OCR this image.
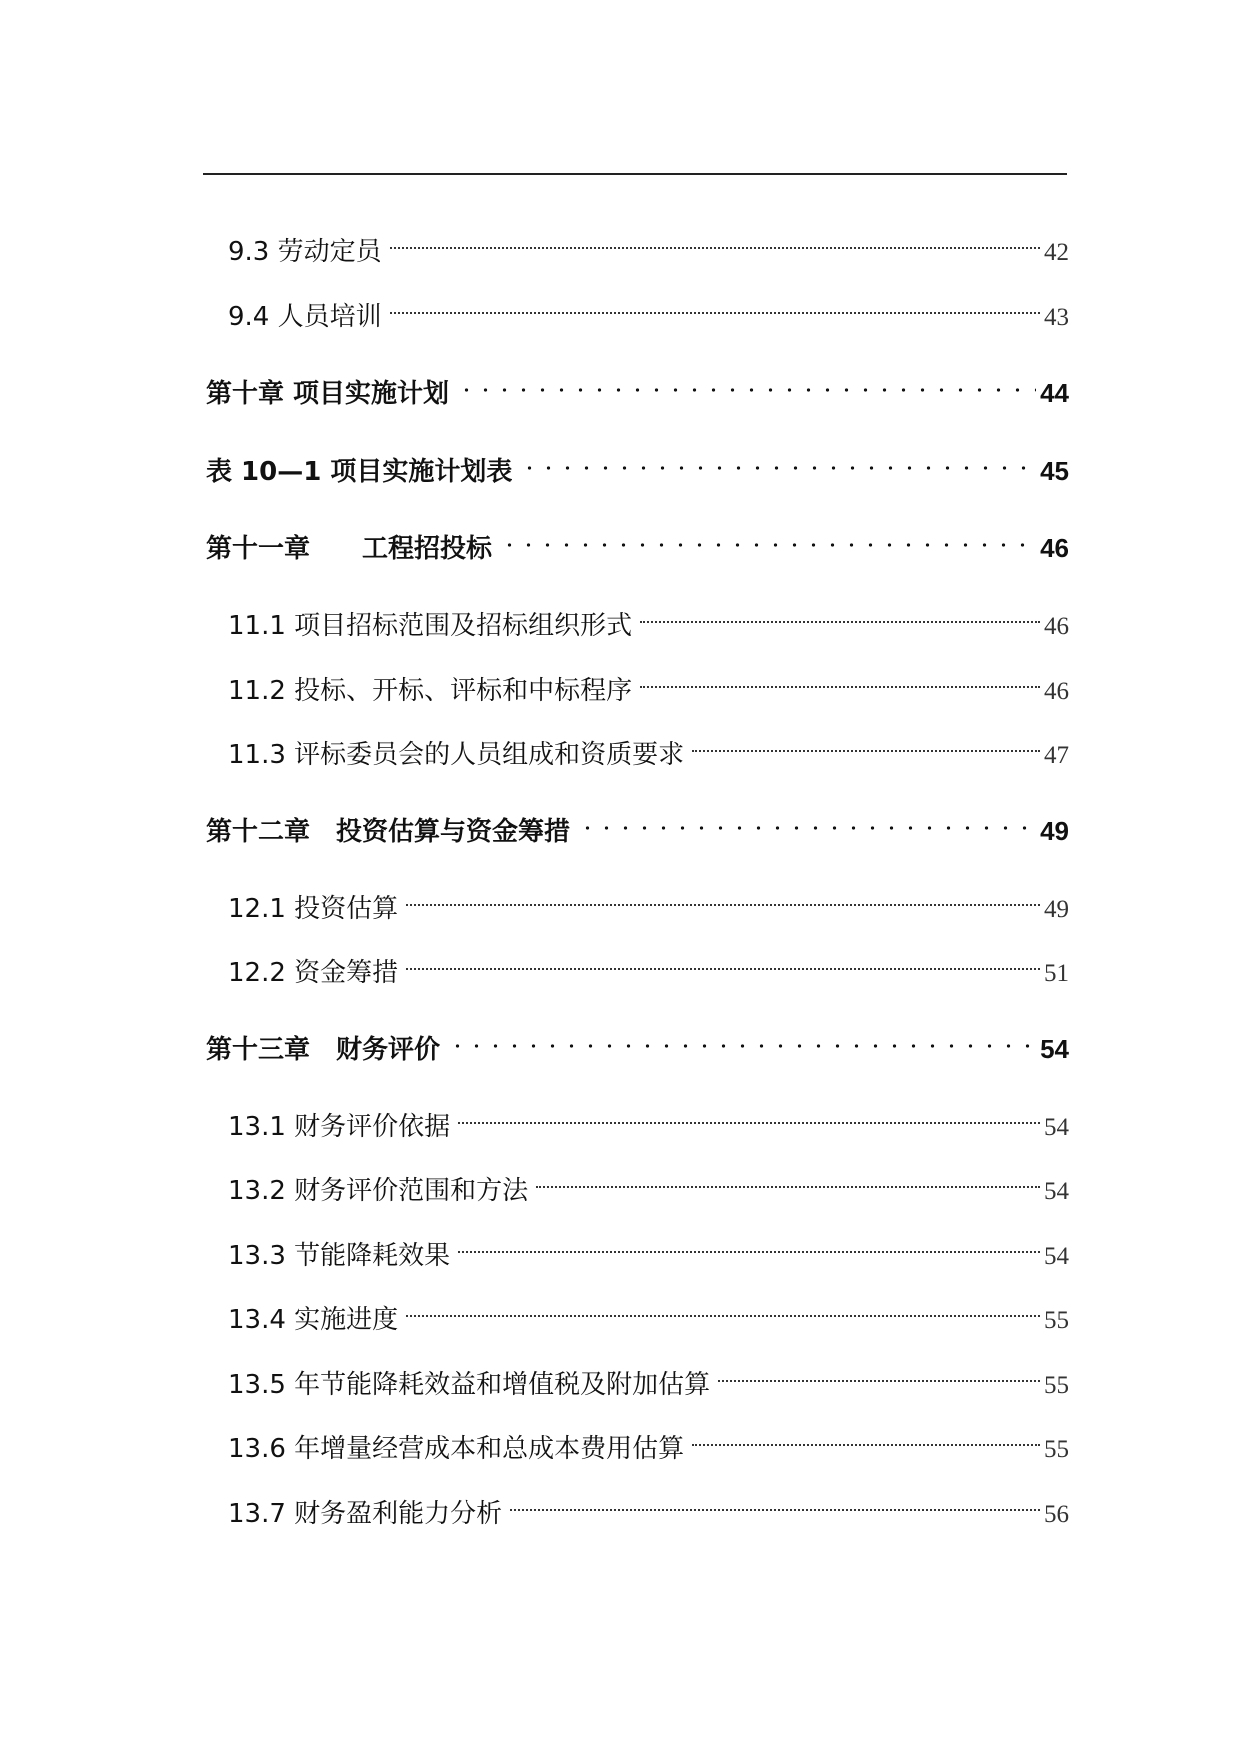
9.3 劳动定员	42
9.4 人员培训	43
第十章 项目实施计划	44
表 10—1 项目实施计划表	45
第十一章　　工程招投标	46
11.1 项目招标范围及招标组织形式	46
11.2 投标、开标、评标和中标程序	46
11.3 评标委员会的人员组成和资质要求	47
第十二章　投资估算与资金筹措	49
12.1 投资估算	49
12.2 资金筹措	51
第十三章　财务评价	54
13.1 财务评价依据	54
13.2 财务评价范围和方法	54
13.3 节能降耗效果	54
13.4 实施进度	55
13.5 年节能降耗效益和增值税及附加估算	55
13.6 年增量经营成本和总成本费用估算	55
13.7 财务盈利能力分析	56
